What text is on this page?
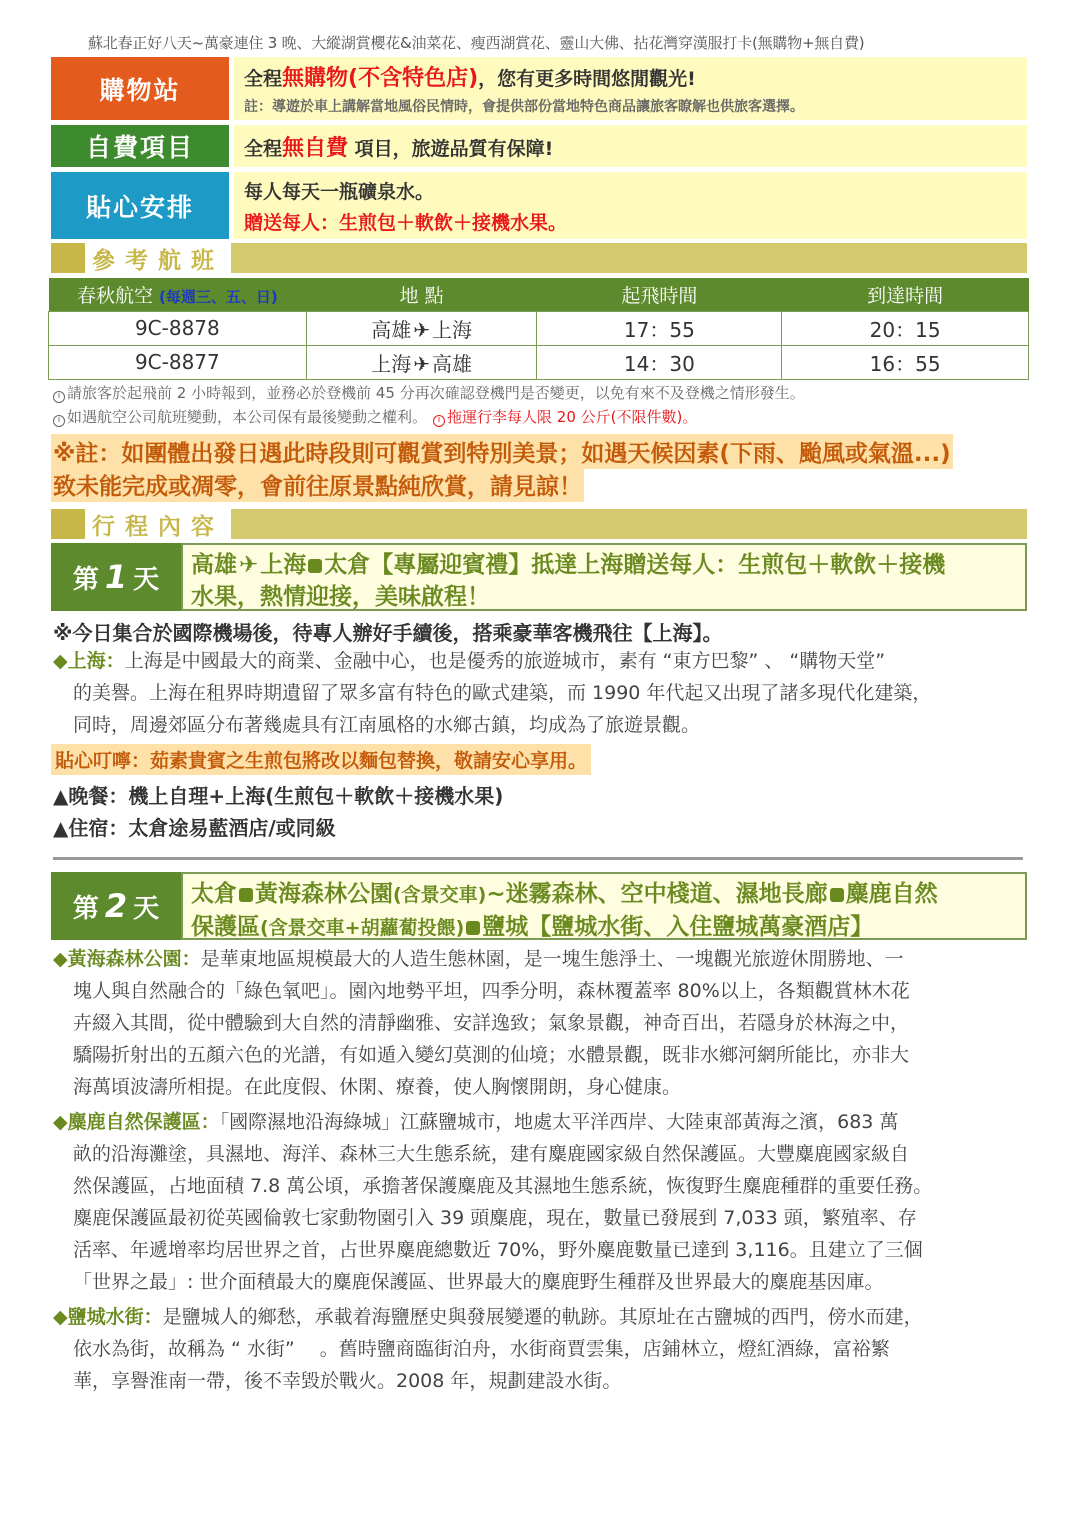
蘇北春正好八天~萬豪連住 3 晚、大縱湖賞櫻花&油菜花、瘦西湖賞花、靈山大佛、拈花灣穿漢服打卡(無購物+無自費)
購物站	全程無購物(不含特色店)，您有更多時間悠閒觀光!
註：導遊於車上講解當地風俗民情時，會提供部份當地特色商品讓旅客瞭解也供旅客選擇。
自費項目	全程無自費 項目，旅遊品質有保障!
貼心安排
每人每天一瓶礦泉水。
贈送每人：生煎包＋軟飲＋接機水果。
參考航班
春秋航空 (每週三、五、日)	地 點	起飛時間	到達時間
9C-8878	高雄 ✈ 上海	17：55	20：15
9C-8877	上海 ✈ 高雄	14：30	16：55
i 請旅客於起飛前 2 小時報到，並務必於登機前 45 分再次確認登機門是否變更，以免有來不及登機之情形發生。
i 如遇航空公司航班變動，本公司保有最後變動之權利。 i 拖運行李每人限 20 公斤(不限件數)。
※註：如團體出發日遇此時段則可觀賞到特別美景；如遇天候因素(下雨、颱風或氣溫...)
致未能完成或凋零，會前往原景點純欣賞，請見諒！
行程內容
第 1 天	高雄✈上海 太倉【專屬迎賓禮】抵達上海贈送每人：生煎包＋軟飲＋接機
水果，熱情迎接，美味啟程！
※今日集合於國際機場後，待專人辦好手續後，搭乘豪華客機飛往【上海】。
◆上海：上海是中國最大的商業、金融中心，也是優秀的旅遊城市，素有 “東方巴黎” 、 “購物天堂”
的美譽。上海在租界時期遺留了眾多富有特色的歐式建築，而 1990 年代起又出現了諸多現代化建築，
同時，周邊郊區分布著幾處具有江南風格的水鄉古鎮，均成為了旅遊景觀。
貼心叮嚀：茹素貴賓之生煎包將改以麵包替換，敬請安心享用。
▲晚餐：機上自理+上海(生煎包＋軟飲＋接機水果)
▲住宿：太倉途易藍酒店/或同級
第 2 天	太倉 黃海森林公園(含景交車)~迷霧森林、空中棧道、濕地長廊 麋鹿自然
保護區(含景交車+胡蘿蔔投餵) 鹽城【鹽城水街、入住鹽城萬豪酒店】
◆黃海森林公園：是華東地區規模最大的人造生態林園，是一塊生態淨土、一塊觀光旅遊休閒勝地、一
塊人與自然融合的「綠色氧吧」。園內地勢平坦，四季分明，森林覆蓋率 80%以上，各類觀賞林木花
卉綴入其間，從中體驗到大自然的清靜幽雅、安詳逸致；氣象景觀，神奇百出，若隱身於林海之中，
驕陽折射出的五顏六色的光譜，有如遁入變幻莫測的仙境；水體景觀，既非水鄉河網所能比，亦非大
海萬頃波濤所相提。在此度假、休閑、療養，使人胸懷開朗，身心健康。
◆麋鹿自然保護區：「國際濕地沿海綠城」江蘇鹽城市，地處太平洋西岸、大陸東部黃海之濱，683 萬
畝的沿海灘塗，具濕地、海洋、森林三大生態系統，建有麋鹿國家級自然保護區。大豐麋鹿國家級自
然保護區，占地面積 7.8 萬公頃，承擔著保護麋鹿及其濕地生態系統，恢復野生麋鹿種群的重要任務。
麋鹿保護區最初從英國倫敦七家動物園引入 39 頭麋鹿，現在，數量已發展到 7,033 頭，繁殖率、存
活率、年遞增率均居世界之首，占世界麋鹿總數近 70%，野外麋鹿數量已達到 3,116。且建立了三個
「世界之最」: 世介面積最大的麋鹿保護區、世界最大的麋鹿野生種群及世界最大的麋鹿基因庫。
◆鹽城水街：是鹽城人的鄉愁，承載着海鹽歷史與發展變遷的軌跡。其原址在古鹽城的西門，傍水而建，
依水為街，故稱為 “ 水街”　 。舊時鹽商臨街泊舟，水街商賈雲集，店鋪林立，燈紅酒綠，富裕繁
華，享譽淮南一帶，後不幸毀於戰火。2008 年，規劃建設水街。
